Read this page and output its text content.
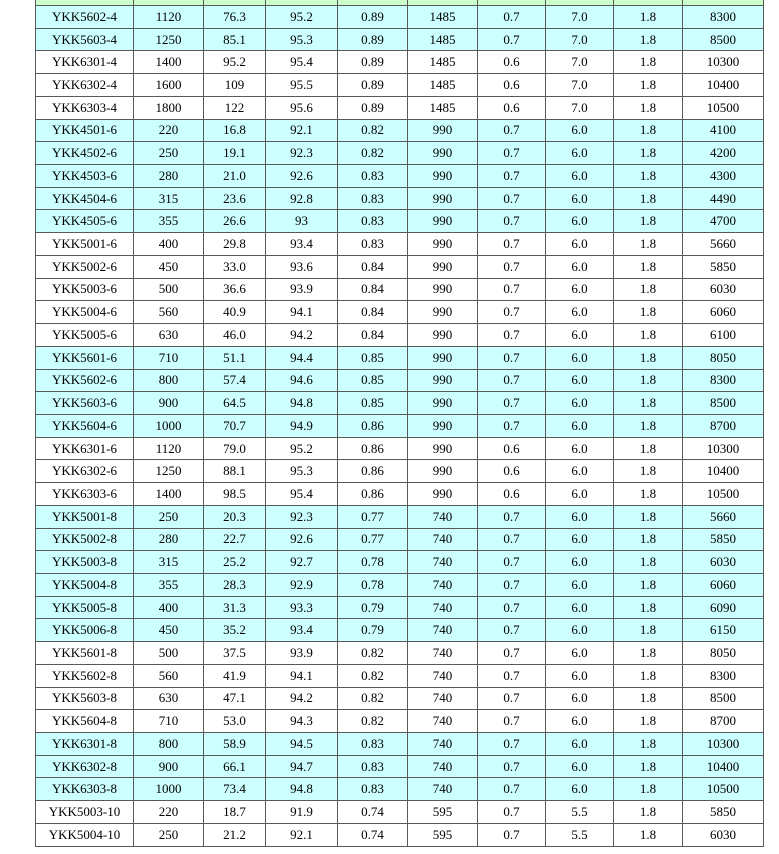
YKK5602-4	1120	76.3	95.2	0.89	1485	0.7	7.0	1.8	8300
YKK5603-4	1250	85.1	95.3	0.89	1485	0.7	7.0	1.8	8500
YKK6301-4	1400	95.2	95.4	0.89	1485	0.6	7.0	1.8	10300
YKK6302-4	1600	109	95.5	0.89	1485	0.6	7.0	1.8	10400
YKK6303-4	1800	122	95.6	0.89	1485	0.6	7.0	1.8	10500
YKK4501-6	220	16.8	92.1	0.82	990	0.7	6.0	1.8	4100
YKK4502-6	250	19.1	92.3	0.82	990	0.7	6.0	1.8	4200
YKK4503-6	280	21.0	92.6	0.83	990	0.7	6.0	1.8	4300
YKK4504-6	315	23.6	92.8	0.83	990	0.7	6.0	1.8	4490
YKK4505-6	355	26.6	93	0.83	990	0.7	6.0	1.8	4700
YKK5001-6	400	29.8	93.4	0.83	990	0.7	6.0	1.8	5660
YKK5002-6	450	33.0	93.6	0.84	990	0.7	6.0	1.8	5850
YKK5003-6	500	36.6	93.9	0.84	990	0.7	6.0	1.8	6030
YKK5004-6	560	40.9	94.1	0.84	990	0.7	6.0	1.8	6060
YKK5005-6	630	46.0	94.2	0.84	990	0.7	6.0	1.8	6100
YKK5601-6	710	51.1	94.4	0.85	990	0.7	6.0	1.8	8050
YKK5602-6	800	57.4	94.6	0.85	990	0.7	6.0	1.8	8300
YKK5603-6	900	64.5	94.8	0.85	990	0.7	6.0	1.8	8500
YKK5604-6	1000	70.7	94.9	0.86	990	0.7	6.0	1.8	8700
YKK6301-6	1120	79.0	95.2	0.86	990	0.6	6.0	1.8	10300
YKK6302-6	1250	88.1	95.3	0.86	990	0.6	6.0	1.8	10400
YKK6303-6	1400	98.5	95.4	0.86	990	0.6	6.0	1.8	10500
YKK5001-8	250	20.3	92.3	0.77	740	0.7	6.0	1.8	5660
YKK5002-8	280	22.7	92.6	0.77	740	0.7	6.0	1.8	5850
YKK5003-8	315	25.2	92.7	0.78	740	0.7	6.0	1.8	6030
YKK5004-8	355	28.3	92.9	0.78	740	0.7	6.0	1.8	6060
YKK5005-8	400	31.3	93.3	0.79	740	0.7	6.0	1.8	6090
YKK5006-8	450	35.2	93.4	0.79	740	0.7	6.0	1.8	6150
YKK5601-8	500	37.5	93.9	0.82	740	0.7	6.0	1.8	8050
YKK5602-8	560	41.9	94.1	0.82	740	0.7	6.0	1.8	8300
YKK5603-8	630	47.1	94.2	0.82	740	0.7	6.0	1.8	8500
YKK5604-8	710	53.0	94.3	0.82	740	0.7	6.0	1.8	8700
YKK6301-8	800	58.9	94.5	0.83	740	0.7	6.0	1.8	10300
YKK6302-8	900	66.1	94.7	0.83	740	0.7	6.0	1.8	10400
YKK6303-8	1000	73.4	94.8	0.83	740	0.7	6.0	1.8	10500
YKK5003-10	220	18.7	91.9	0.74	595	0.7	5.5	1.8	5850
YKK5004-10	250	21.2	92.1	0.74	595	0.7	5.5	1.8	6030
